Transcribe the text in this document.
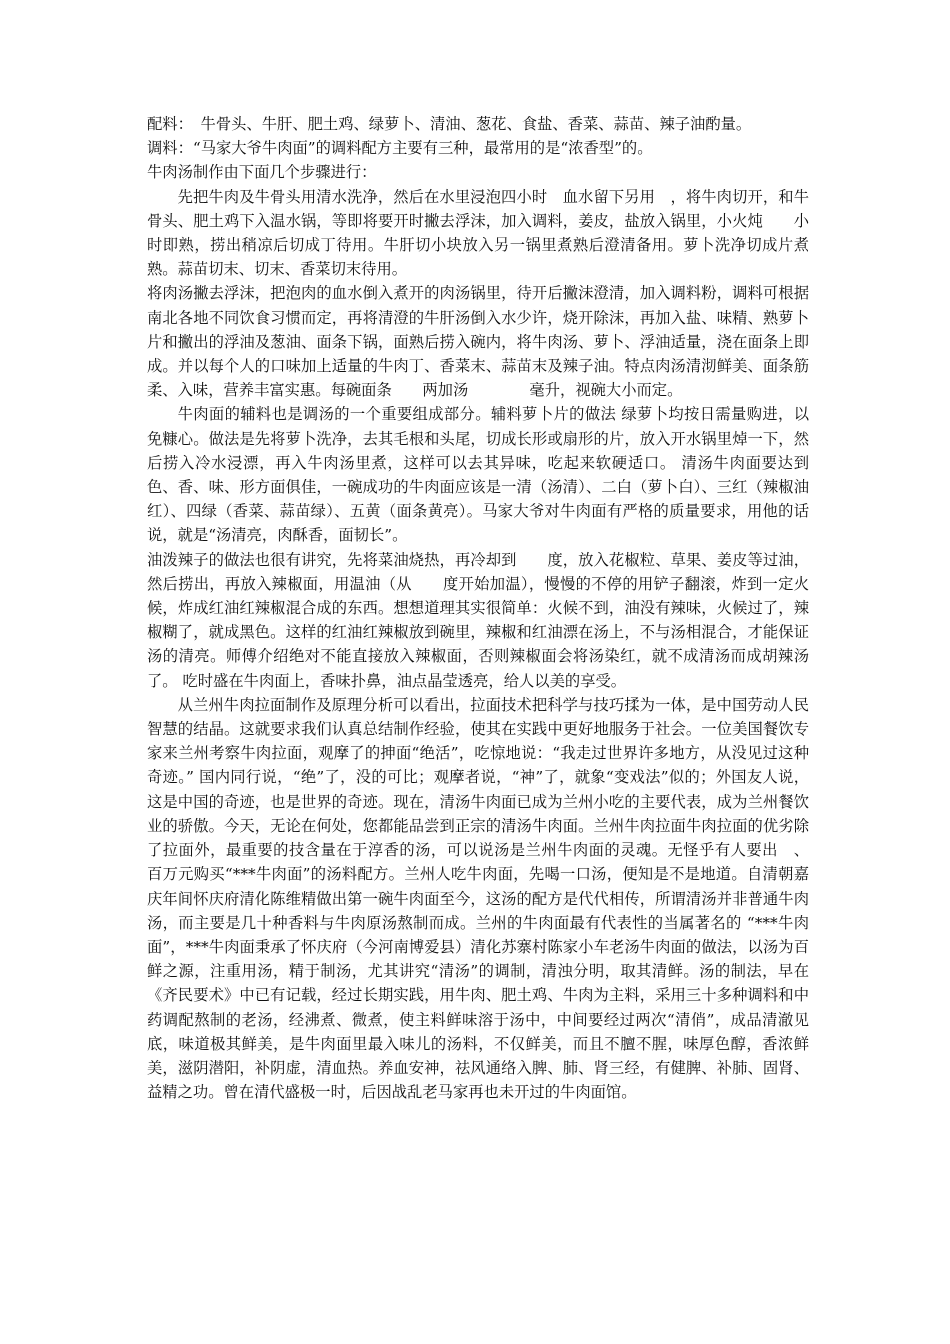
配料：　牛骨头、牛肝、肥土鸡、绿萝卜、清油、葱花、食盐、香菜、蒜苗、辣子油酌量。

调料：“马家大爷牛肉面”的调料配方主要有三种，最常用的是“浓香型”的。

牛肉汤制作由下面几个步骤进行：

先把牛肉及牛骨头用清水洗净，然后在水里浸泡四小时　血水留下另用　，将牛肉切开，和牛骨头、肥土鸡下入温水锅，等即将要开时撇去浮沫，加入调料，姜皮，盐放入锅里，小火炖　　小时即熟，捞出稍凉后切成丁待用。牛肝切小块放入另一锅里煮熟后澄清备用。萝卜洗净切成片煮熟。蒜苗切末、切末、香菜切末待用。

将肉汤撇去浮沫，把泡肉的血水倒入煮开的肉汤锅里，待开后撇沫澄清，加入调料粉，调料可根据南北各地不同饮食习惯而定，再将清澄的牛肝汤倒入水少许，烧开除沫，再加入盐、味精、熟萝卜片和撇出的浮油及葱油、面条下锅，面熟后捞入碗内，将牛肉汤、萝卜、浮油适量，浇在面条上即成。并以每个人的口味加上适量的牛肉丁、香菜末、蒜苗末及辣子油。特点肉汤清沏鲜美、面条筋柔、入味，营养丰富实惠。每碗面条　　两加汤　　　　毫升，视碗大小而定。

牛肉面的辅料也是调汤的一个重要组成部分。辅料萝卜片的做法 绿萝卜均按日需量购进，以免糠心。做法是先将萝卜洗净，去其毛根和头尾，切成长形或扇形的片，放入开水锅里焯一下，然后捞入冷水浸漂，再入牛肉汤里煮，这样可以去其异味，吃起来软硬适口。 清汤牛肉面要达到色、香、味、形方面俱佳，一碗成功的牛肉面应该是一清（汤清）、二白（萝卜白）、三红（辣椒油红）、四绿（香菜、蒜苗绿）、五黄（面条黄亮）。马家大爷对牛肉面有严格的质量要求，用他的话说，就是“汤清亮，肉酥香，面韧长”。

油泼辣子的做法也很有讲究，先将菜油烧热，再冷却到　　度，放入花椒粒、草果、姜皮等过油，然后捞出，再放入辣椒面，用温油（从　　度开始加温），慢慢的不停的用铲子翻滚，炸到一定火候，炸成红油红辣椒混合成的东西。想想道理其实很简单：火候不到，油没有辣味，火候过了，辣椒糊了，就成黑色。这样的红油红辣椒放到碗里，辣椒和红油漂在汤上，不与汤相混合，才能保证汤的清亮。师傅介绍绝对不能直接放入辣椒面，否则辣椒面会将汤染红，就不成清汤而成胡辣汤了。 吃时盛在牛肉面上，香味扑鼻，油点晶莹透亮，给人以美的享受。

从兰州牛肉拉面制作及原理分析可以看出，拉面技术把科学与技巧揉为一体，是中国劳动人民智慧的结晶。这就要求我们认真总结制作经验，使其在实践中更好地服务于社会。一位美国餐饮专家来兰州考察牛肉拉面，观摩了的抻面“绝活”，吃惊地说：“我走过世界许多地方，从没见过这种奇迹。” 国内同行说，“绝”了，没的可比；观摩者说，“神”了，就象“变戏法”似的；外国友人说，这是中国的奇迹，也是世界的奇迹。现在，清汤牛肉面已成为兰州小吃的主要代表，成为兰州餐饮业的骄傲。今天，无论在何处，您都能品尝到正宗的清汤牛肉面。兰州牛肉拉面牛肉拉面的优劣除了拉面外，最重要的技含量在于淳香的汤，可以说汤是兰州牛肉面的灵魂。无怪乎有人要出　、 百万元购买“***牛肉面”的汤料配方。兰州人吃牛肉面，先喝一口汤，便知是不是地道。自清朝嘉庆年间怀庆府清化陈维精做出第一碗牛肉面至今，这汤的配方是代代相传，所谓清汤并非普通牛肉汤，而主要是几十种香料与牛肉原汤熬制而成。兰州的牛肉面最有代表性的当属著名的 “***牛肉面”，***牛肉面秉承了怀庆府（今河南博爱县）清化苏寨村陈家小车老汤牛肉面的做法，以汤为百鲜之源，注重用汤，精于制汤，尤其讲究“清汤”的调制，清浊分明，取其清鲜。汤的制法，早在《齐民要术》中已有记载，经过长期实践，用牛肉、肥土鸡、牛肉为主料，采用三十多种调料和中药调配熬制的老汤，经沸煮、微煮，使主料鲜味溶于汤中，中间要经过两次“清俏”，成品清澈见底，味道极其鲜美，是牛肉面里最入味儿的汤料，不仅鲜美，而且不膻不腥，味厚色醇，香浓鲜美，滋阴潜阳，补阴虚，清血热。养血安神，祛风通络入脾、肺、肾三经，有健脾、补肺、固肾、益精之功。曾在清代盛极一时，后因战乱老马家再也未开过的牛肉面馆。
